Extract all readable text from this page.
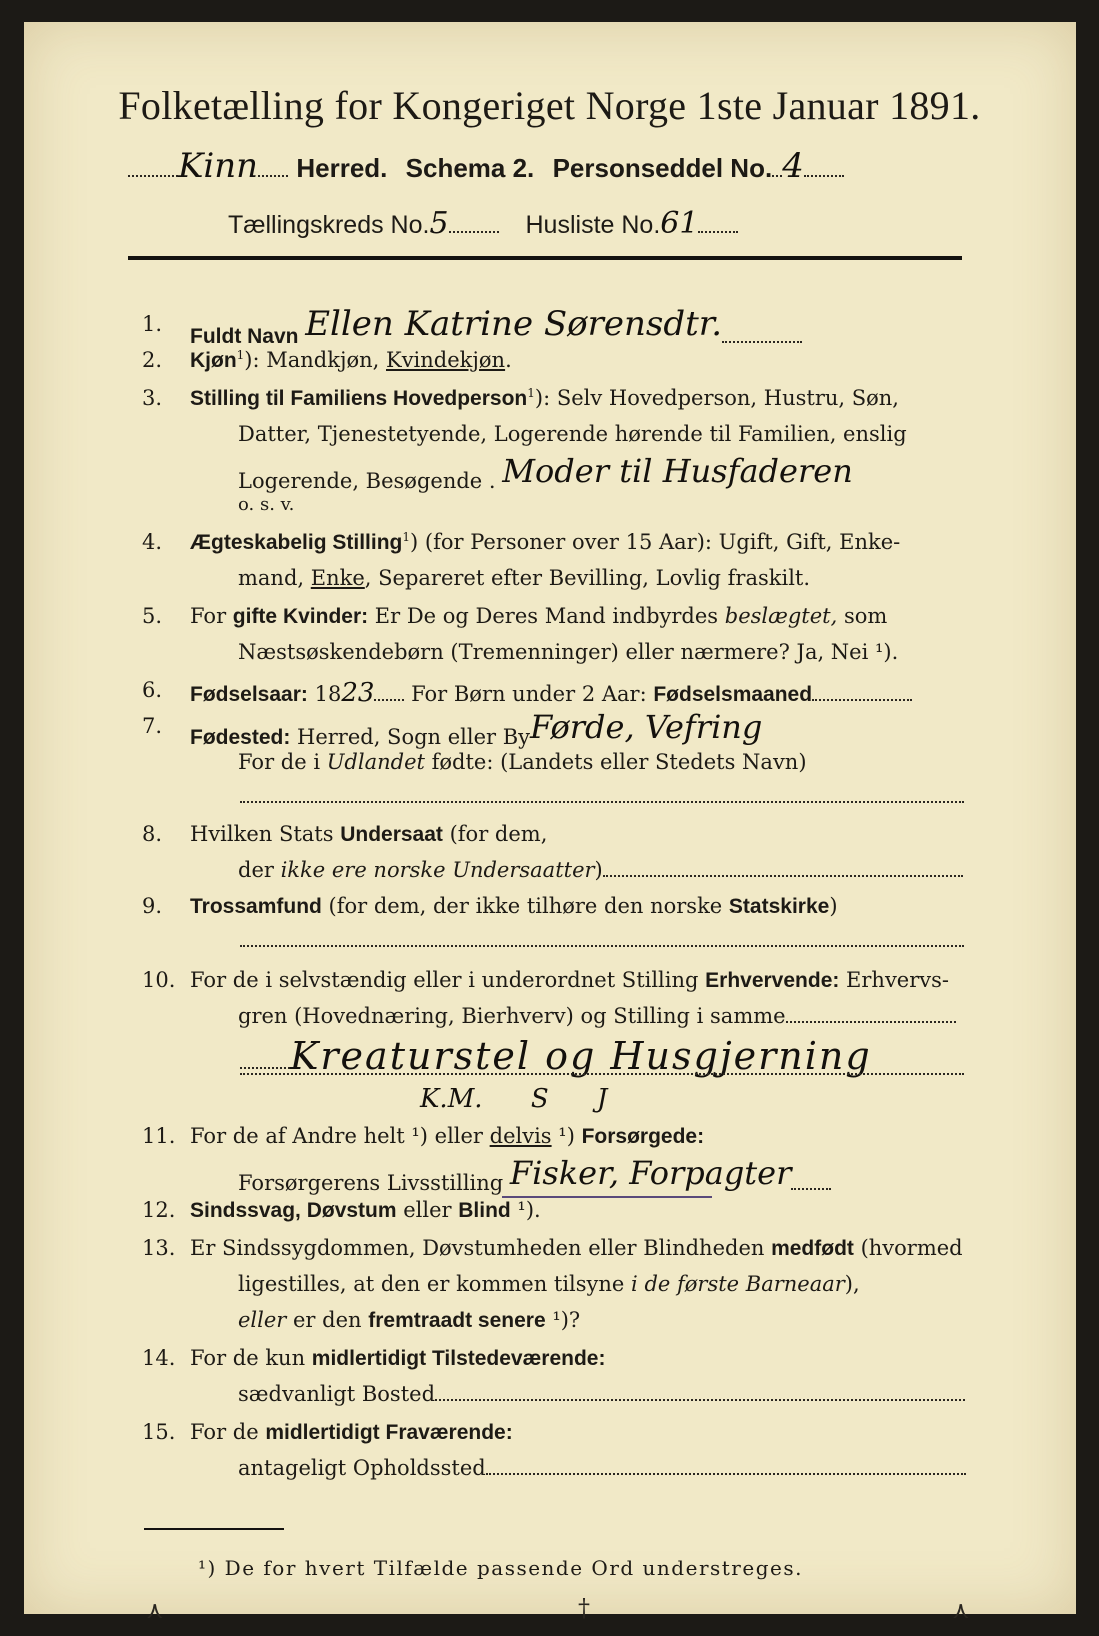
Folketælling for Kongeriget Norge 1ste Januar 1891.
Kinn Herred. Schema 2. Personseddel No. 4
Tællingskreds No.5	Husliste No.61
1.
Fuldt Navn Ellen Katrine Sørensdtr.
2. Kjøn$^1$): Mandkjøn, Kvindekjøn.
3. Stilling til Familiens Hovedperson$^1$): Selv Hovedperson, Hustru, Søn,
Datter, Tjenestetyende, Logerende hørende til Familien, enslig
Logerende, Besøgende . Moder til Husfaderen
o. s. v.
4. Ægteskabelig Stilling$^1$) (for Personer over 15 Aar): Ugift, Gift, Enke-
mand, Enke, Separeret efter Bevilling, Lovlig fraskilt.
5. For gifte Kvinder: Er De og Deres Mand indbyrdes beslægtet, som
Næstsøskendebørn (Tremenninger) eller nærmere? Ja, Nei ¹).
6. Fødselsaar: 1823 For Børn under 2 Aar: Fødselsmaaned
7. Fødested: Herred, Sogn eller ByFørde, Vefring
For de i Udlandet fødte: (Landets eller Stedets Navn)
8. Hvilken Stats Undersaat (for dem,
der ikke ere norske Undersaatter)
9. Trossamfund (for dem, der ikke tilhøre den norske Statskirke)
10. For de i selvstændig eller i underordnet Stilling Erhvervende: Erhvervs-
gren (Hovednæring, Bierhverv) og Stilling i samme
Kreaturstel og Husgjerning
K.M. S J
11. For de af Andre helt ¹) eller delvis ¹) Forsørgede:
Forsørgerens Livsstilling Fisker, Forpagter
12. Sindssvag, Døvstum eller Blind ¹).
13. Er Sindssygdommen, Døvstumheden eller Blindheden medfødt (hvormed
ligestilles, at den er kommen tilsyne i de første Barneaar),
eller er den fremtraadt senere ¹)?
14. For de kun midlertidigt Tilstedeværende:
sædvanligt Bosted
15. For de midlertidigt Fraværende:
antageligt Opholdssted
¹) De for hvert Tilfælde passende Ord understreges.
⋏	†	⋏
